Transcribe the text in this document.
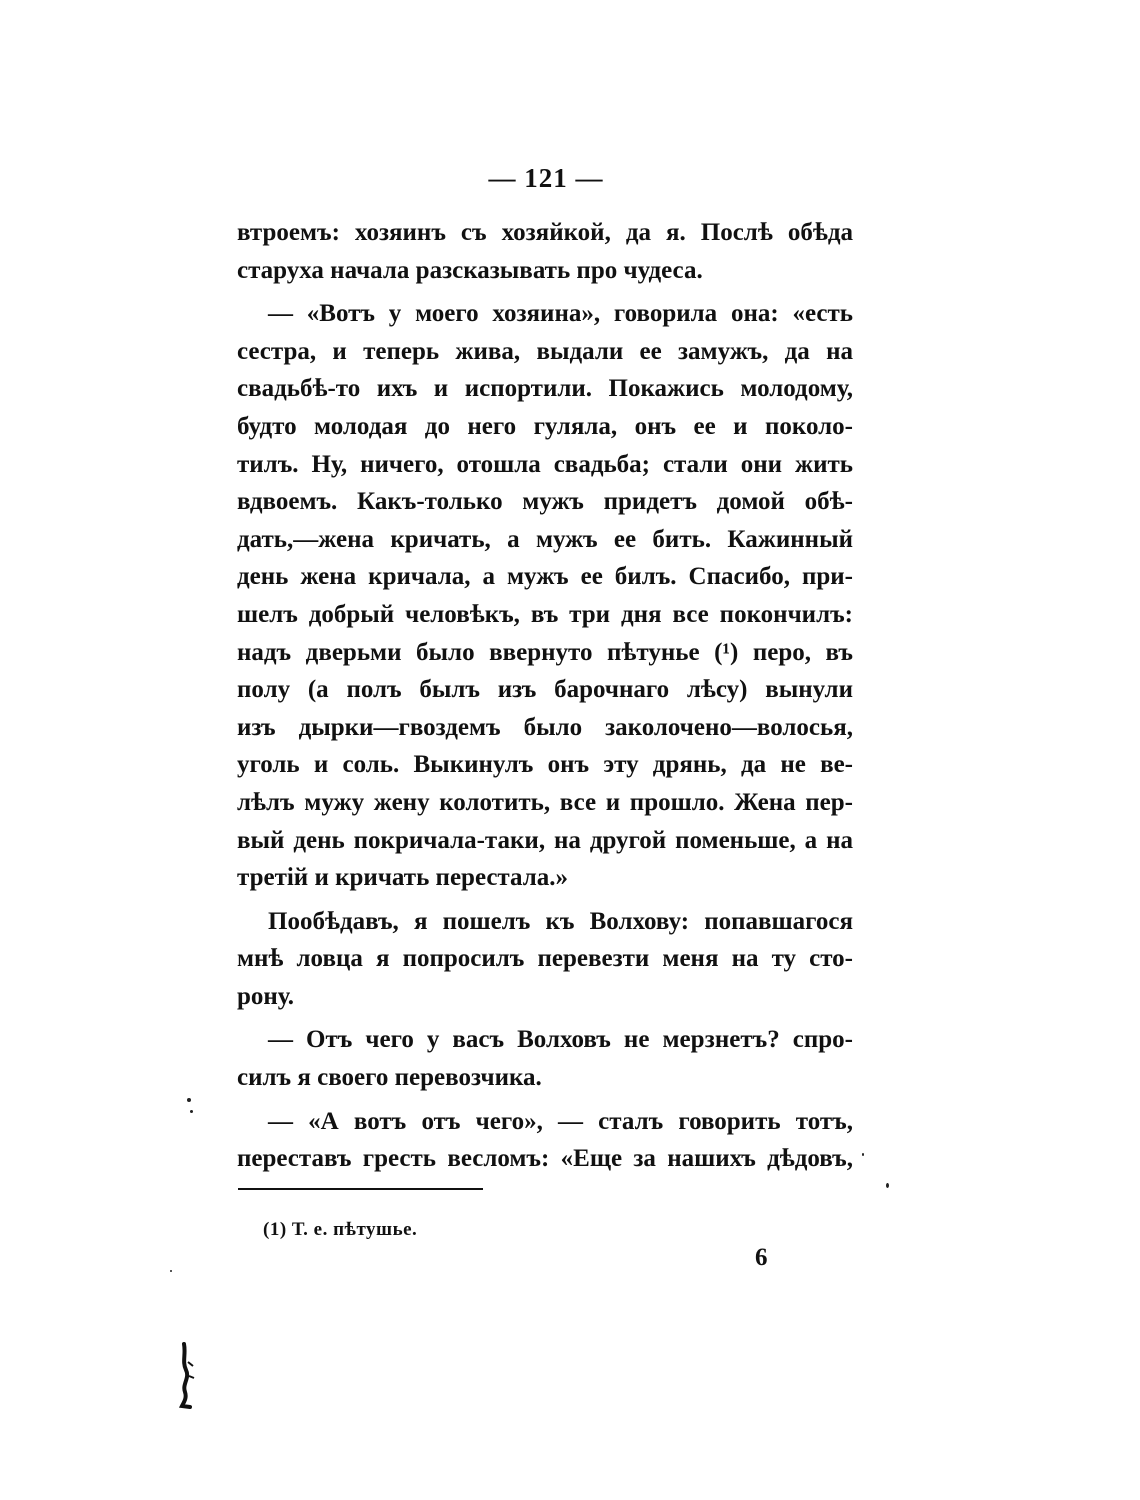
— 121 —
втроемъ: хозяинъ съ хозяйкой, да я. Послѣ обѣда
старуха начала разсказывать про чудеса.
— «Вотъ у моего хозяина», говорила она: «есть
сестра, и теперь жива, выдали ее замужъ, да на
свадьбѣ-то ихъ и испортили. Покажись молодому,
будто молодая до него гуляла, онъ ее и поколо-
тилъ. Ну, ничего, отошла свадьба; стали они жить
вдвоемъ. Какъ-только мужъ придетъ домой обѣ-
дать,—жена кричать, а мужъ ее бить. Кажинный
день жена кричала, а мужъ ее билъ. Спасибо, при-
шелъ добрый человѣкъ, въ три дня все покончилъ:
надъ дверьми было ввернуто пѣтунье (¹) перо, въ
полу (а полъ былъ изъ барочнаго лѣсу) вынули
изъ дырки—гвоздемъ было заколочено—волосья,
уголь и соль. Выкинулъ онъ эту дрянь, да не ве-
лѣлъ мужу жену колотить, все и прошло. Жена пер-
вый день покричала-таки, на другой поменьше, а на
третій и кричать перестала.»
Пообѣдавъ, я пошелъ къ Волхову: попавшагося
мнѣ ловца я попросилъ перевезти меня на ту сто-
рону.
— Отъ чего у васъ Волховъ не мерзнетъ? спро-
силъ я своего перевозчика.
— «А вотъ отъ чего», — сталъ говорить тотъ,
переставъ гресть весломъ: «Еще за нашихъ дѣдовъ,
(1) Т. е. пѣтушье.
6
